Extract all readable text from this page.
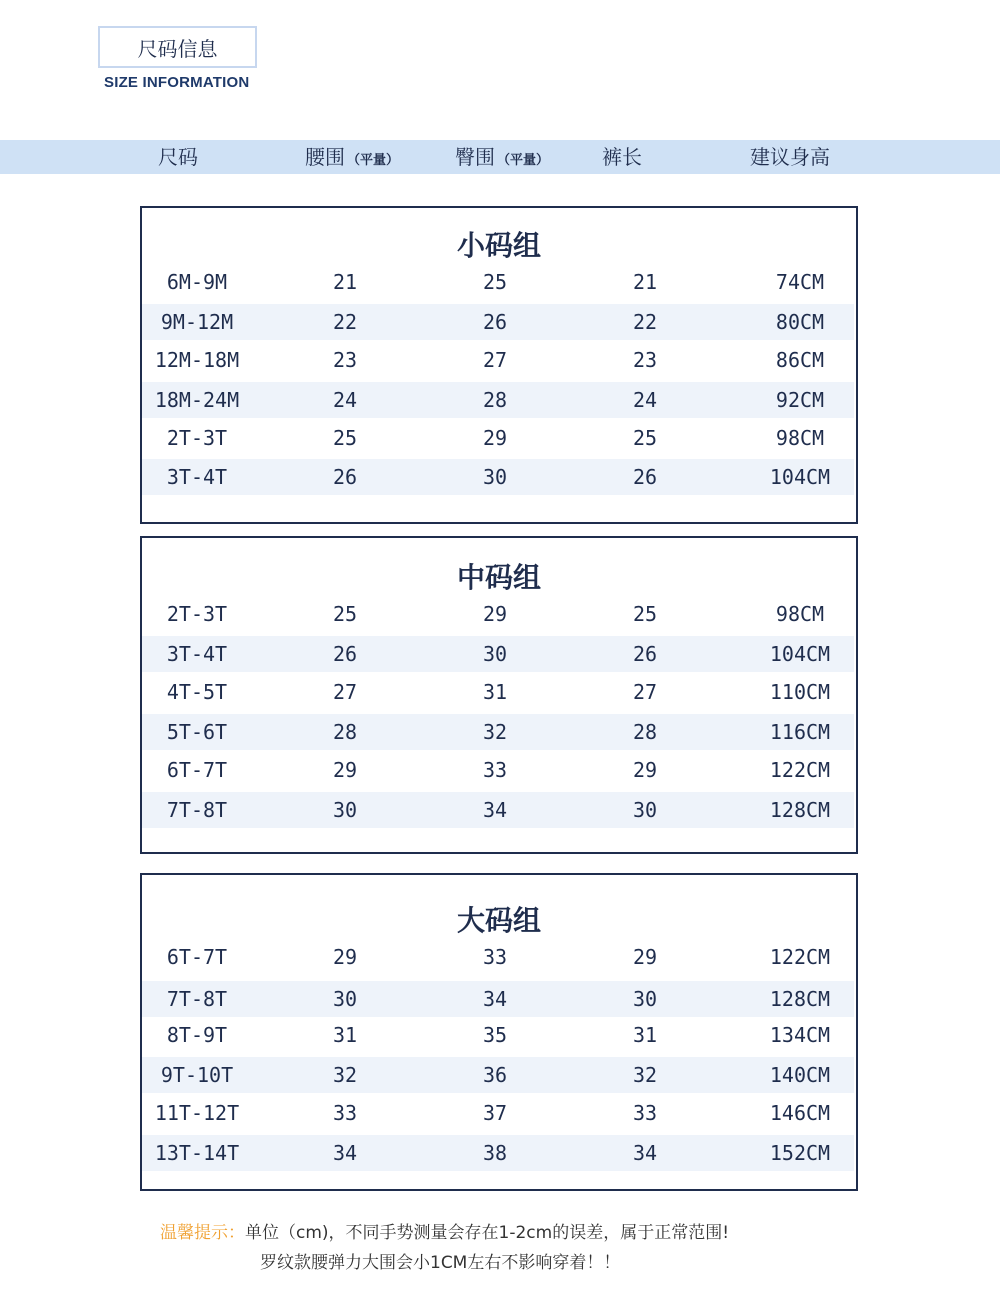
尺码信息
SIZE INFORMATION
尺码	腰围 （平量）	臀围 （平量）	裤长	建议身高
小码组
6M-9M	21	25	21	74CM
9M-12M	22	26	22	80CM
12M-18M	23	27	23	86CM
18M-24M	24	28	24	92CM
2T-3T	25	29	25	98CM
3T-4T	26	30	26	104CM
中码组
2T-3T	25	29	25	98CM
3T-4T	26	30	26	104CM
4T-5T	27	31	27	110CM
5T-6T	28	32	28	116CM
6T-7T	29	33	29	122CM
7T-8T	30	34	30	128CM
大码组
6T-7T	29	33	29	122CM
7T-8T	30	34	30	128CM
8T-9T	31	35	31	134CM
9T-10T	32	36	32	140CM
11T-12T	33	37	33	146CM
13T-14T	34	38	34	152CM
温馨提示：单位（cm)，不同手势测量会存在1-2cm的误差，属于正常范围!
罗纹款腰弹力大围会小1CM左右不影响穿着！！
